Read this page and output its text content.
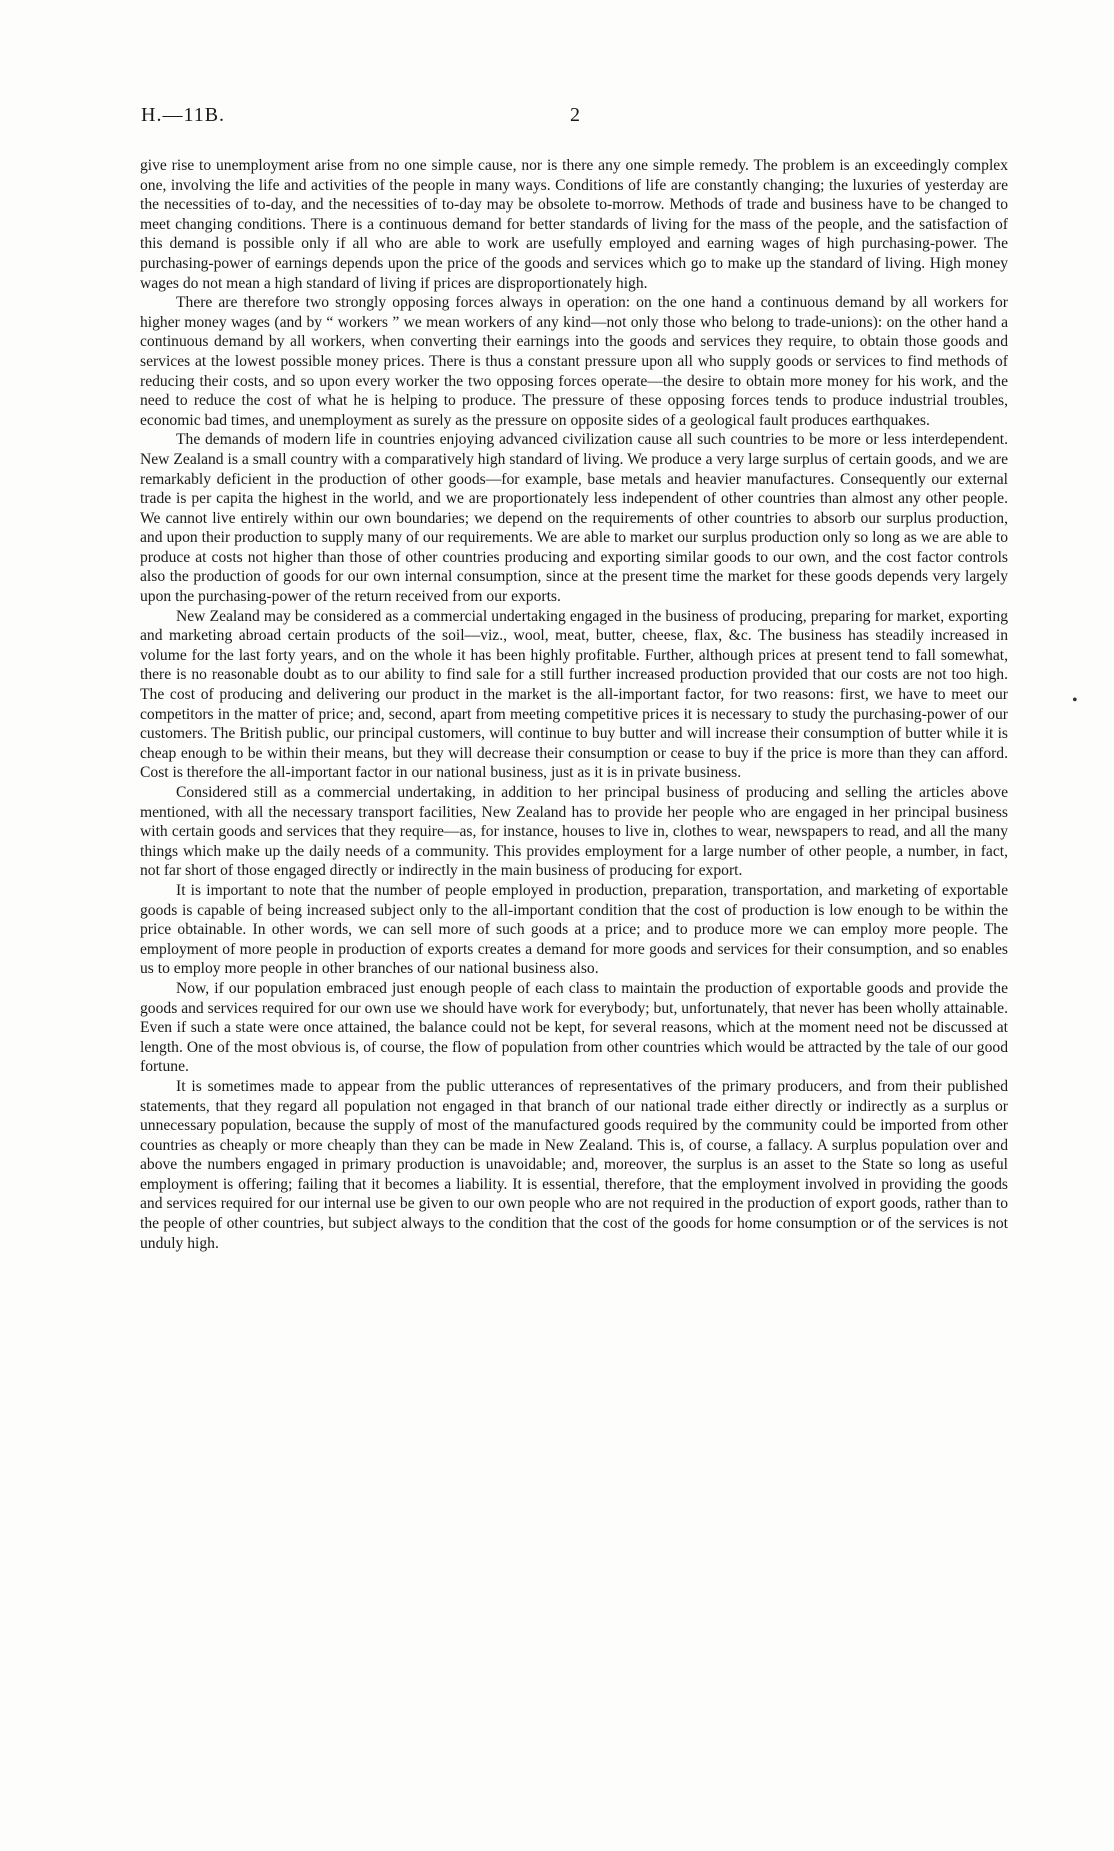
H.—11B.	2

give rise to unemployment arise from no one simple cause, nor is there any one simple remedy. The problem is an exceedingly complex one, involving the life and activities of the people in many ways. Conditions of life are constantly changing; the luxuries of yesterday are the necessities of to-day, and the necessities of to-day may be obsolete to-morrow. Methods of trade and business have to be changed to meet changing conditions. There is a continuous demand for better standards of living for the mass of the people, and the satisfaction of this demand is possible only if all who are able to work are usefully employed and earning wages of high purchasing-power. The purchasing-power of earnings depends upon the price of the goods and services which go to make up the standard of living. High money wages do not mean a high standard of living if prices are disproportionately high.

There are therefore two strongly opposing forces always in operation: on the one hand a continuous demand by all workers for higher money wages (and by “ workers ” we mean workers of any kind—not only those who belong to trade-unions): on the other hand a continuous demand by all workers, when converting their earnings into the goods and services they require, to obtain those goods and services at the lowest possible money prices. There is thus a constant pressure upon all who supply goods or services to find methods of reducing their costs, and so upon every worker the two opposing forces operate—the desire to obtain more money for his work, and the need to reduce the cost of what he is helping to produce. The pressure of these opposing forces tends to produce industrial troubles, economic bad times, and unemployment as surely as the pressure on opposite sides of a geological fault produces earthquakes.

The demands of modern life in countries enjoying advanced civilization cause all such countries to be more or less interdependent. New Zealand is a small country with a comparatively high standard of living. We produce a very large surplus of certain goods, and we are remarkably deficient in the production of other goods—for example, base metals and heavier manufactures. Consequently our external trade is per capita the highest in the world, and we are proportionately less independent of other countries than almost any other people. We cannot live entirely within our own boundaries; we depend on the requirements of other countries to absorb our surplus production, and upon their production to supply many of our requirements. We are able to market our surplus production only so long as we are able to produce at costs not higher than those of other countries producing and exporting similar goods to our own, and the cost factor controls also the production of goods for our own internal consumption, since at the present time the market for these goods depends very largely upon the purchasing-power of the return received from our exports.

New Zealand may be considered as a commercial undertaking engaged in the business of producing, preparing for market, exporting and marketing abroad certain products of the soil—viz., wool, meat, butter, cheese, flax, &c. The business has steadily increased in volume for the last forty years, and on the whole it has been highly profitable. Further, although prices at present tend to fall somewhat, there is no reasonable doubt as to our ability to find sale for a still further increased production provided that our costs are not too high. The cost of producing and delivering our product in the market is the all-important factor, for two reasons: first, we have to meet our competitors in the matter of price; and, second, apart from meeting competitive prices it is necessary to study the purchasing-power of our customers. The British public, our principal customers, will continue to buy butter and will increase their consumption of butter while it is cheap enough to be within their means, but they will decrease their consumption or cease to buy if the price is more than they can afford. Cost is therefore the all-important factor in our national business, just as it is in private business.

Considered still as a commercial undertaking, in addition to her principal business of producing and selling the articles above mentioned, with all the necessary transport facilities, New Zealand has to provide her people who are engaged in her principal business with certain goods and services that they require—as, for instance, houses to live in, clothes to wear, newspapers to read, and all the many things which make up the daily needs of a community. This provides employment for a large number of other people, a number, in fact, not far short of those engaged directly or indirectly in the main business of producing for export.

It is important to note that the number of people employed in production, preparation, transportation, and marketing of exportable goods is capable of being increased subject only to the all-important condition that the cost of production is low enough to be within the price obtainable. In other words, we can sell more of such goods at a price; and to produce more we can employ more people. The employment of more people in production of exports creates a demand for more goods and services for their consumption, and so enables us to employ more people in other branches of our national business also.

Now, if our population embraced just enough people of each class to maintain the production of exportable goods and provide the goods and services required for our own use we should have work for everybody; but, unfortunately, that never has been wholly attainable. Even if such a state were once attained, the balance could not be kept, for several reasons, which at the moment need not be discussed at length. One of the most obvious is, of course, the flow of population from other countries which would be attracted by the tale of our good fortune.

It is sometimes made to appear from the public utterances of representatives of the primary producers, and from their published statements, that they regard all population not engaged in that branch of our national trade either directly or indirectly as a surplus or unnecessary population, because the supply of most of the manufactured goods required by the community could be imported from other countries as cheaply or more cheaply than they can be made in New Zealand. This is, of course, a fallacy. A surplus population over and above the numbers engaged in primary production is unavoidable; and, moreover, the surplus is an asset to the State so long as useful employment is offering; failing that it becomes a liability. It is essential, therefore, that the employment involved in providing the goods and services required for our internal use be given to our own people who are not required in the production of export goods, rather than to the people of other countries, but subject always to the condition that the cost of the goods for home consumption or of the services is not unduly high.

•
